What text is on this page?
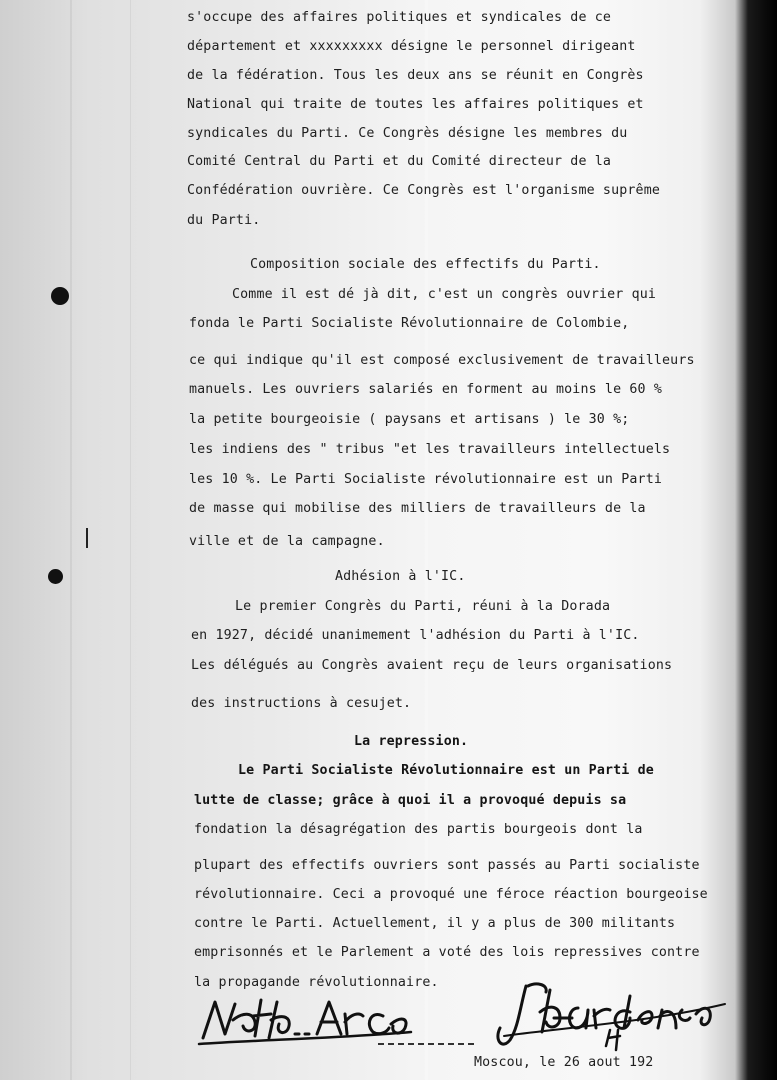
s'occupe des affaires politiques et syndicales de ce
département et xxxxxxxxx désigne le personnel dirigeant
de la fédération. Tous les deux ans se réunit en Congrès
National qui traite de toutes les affaires politiques et
syndicales du Parti. Ce Congrès désigne les membres du
Comité Central du Parti et du Comité directeur de la
Confédération ouvrière. Ce Congrès est l'organisme suprême
du Parti.
Composition sociale des effectifs du Parti.
Comme il est dé jà dit, c'est un congrès ouvrier qui
fonda le Parti Socialiste Révolutionnaire de Colombie,
ce qui indique qu'il est composé exclusivement de travailleurs
manuels. Les ouvriers salariés en forment au moins le 60 %
la petite bourgeoisie ( paysans et artisans ) le 30 %;
les indiens des " tribus "et les travailleurs intellectuels
les 10 %. Le Parti Socialiste révolutionnaire est un Parti
de masse qui mobilise des milliers de travailleurs de la
ville et de la campagne.
Adhésion à l'IC.
Le premier Congrès du Parti, réuni à la Dorada
en 1927, décidé unanimement l'adhésion du Parti à l'IC.
Les délégués au Congrès avaient reçu de leurs organisations
des instructions à cesujet.
La repression.
Le Parti Socialiste Révolutionnaire est un Parti de
lutte de classe; grâce à quoi il a provoqué depuis sa
fondation la désagrégation des partis bourgeois dont la
plupart des effectifs ouvriers sont passés au Parti socialiste
révolutionnaire. Ceci a provoqué une féroce réaction bourgeoise
contre le Parti. Actuellement, il y a plus de 300 militants
emprisonnés et le Parlement a voté des lois repressives contre
la propagande révolutionnaire.
Moscou, le 26 aout 192
